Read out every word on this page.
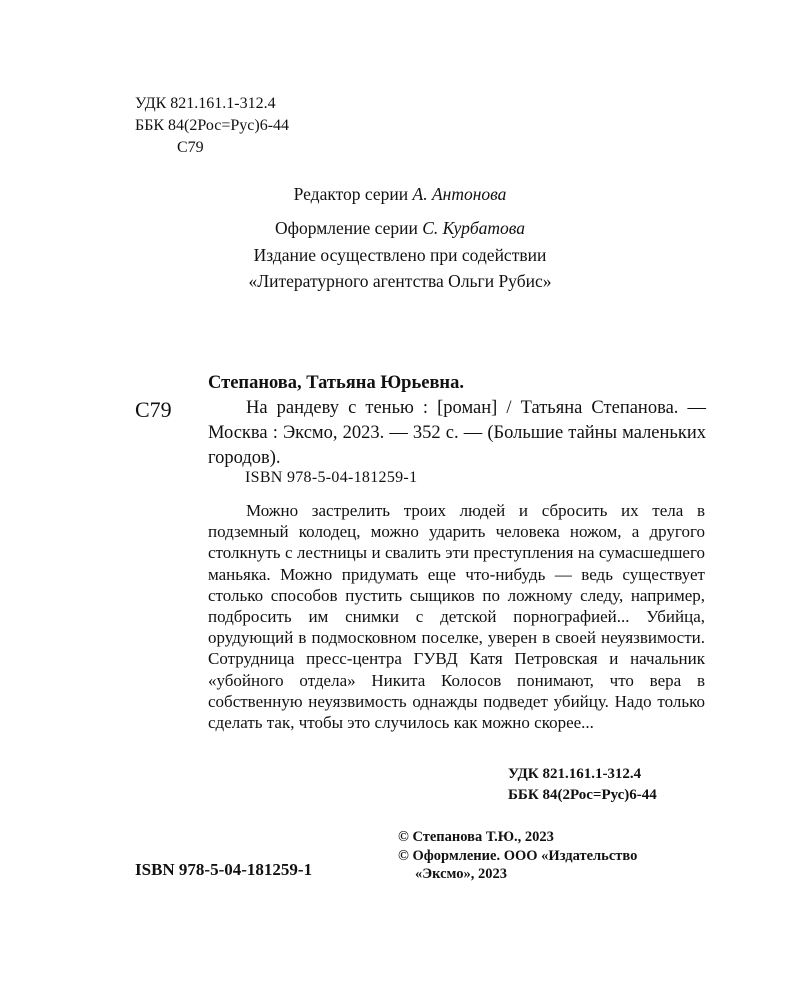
УДК 821.161.1-312.4
ББК 84(2Рос=Рус)6-44
С79
Редактор серии А. Антонова
Оформление серии С. Курбатова
Издание осуществлено при содействии
«Литературного агентства Ольги Рубис»
С79
Степанова, Татьяна Юрьевна.
На рандеву с тенью : [роман] / Татьяна Степанова. — Москва : Эксмо, 2023. — 352 с. — (Большие тайны маленьких городов).
ISBN 978-5-04-181259-1
Можно застрелить троих людей и сбросить их тела в подземный колодец, можно ударить человека ножом, а другого столкнуть с лестницы и свалить эти преступления на сумасшедшего маньяка. Можно придумать еще что-нибудь — ведь существует столько способов пустить сыщиков по ложному следу, например, подбросить им снимки с детской порнографией... Убийца, орудующий в подмосковном поселке, уверен в своей неуязвимости. Сотрудница пресс-центра ГУВД Катя Петровская и начальник «убойного отдела» Никита Колосов понимают, что вера в собственную неуязвимость однажды подведет убийцу. Надо только сделать так, чтобы это случилось как можно скорее...
УДК 821.161.1-312.4
ББК 84(2Рос=Рус)6-44
© Степанова Т.Ю., 2023
© Оформление. ООО «Издательство
«Эксмо», 2023
ISBN 978-5-04-181259-1
